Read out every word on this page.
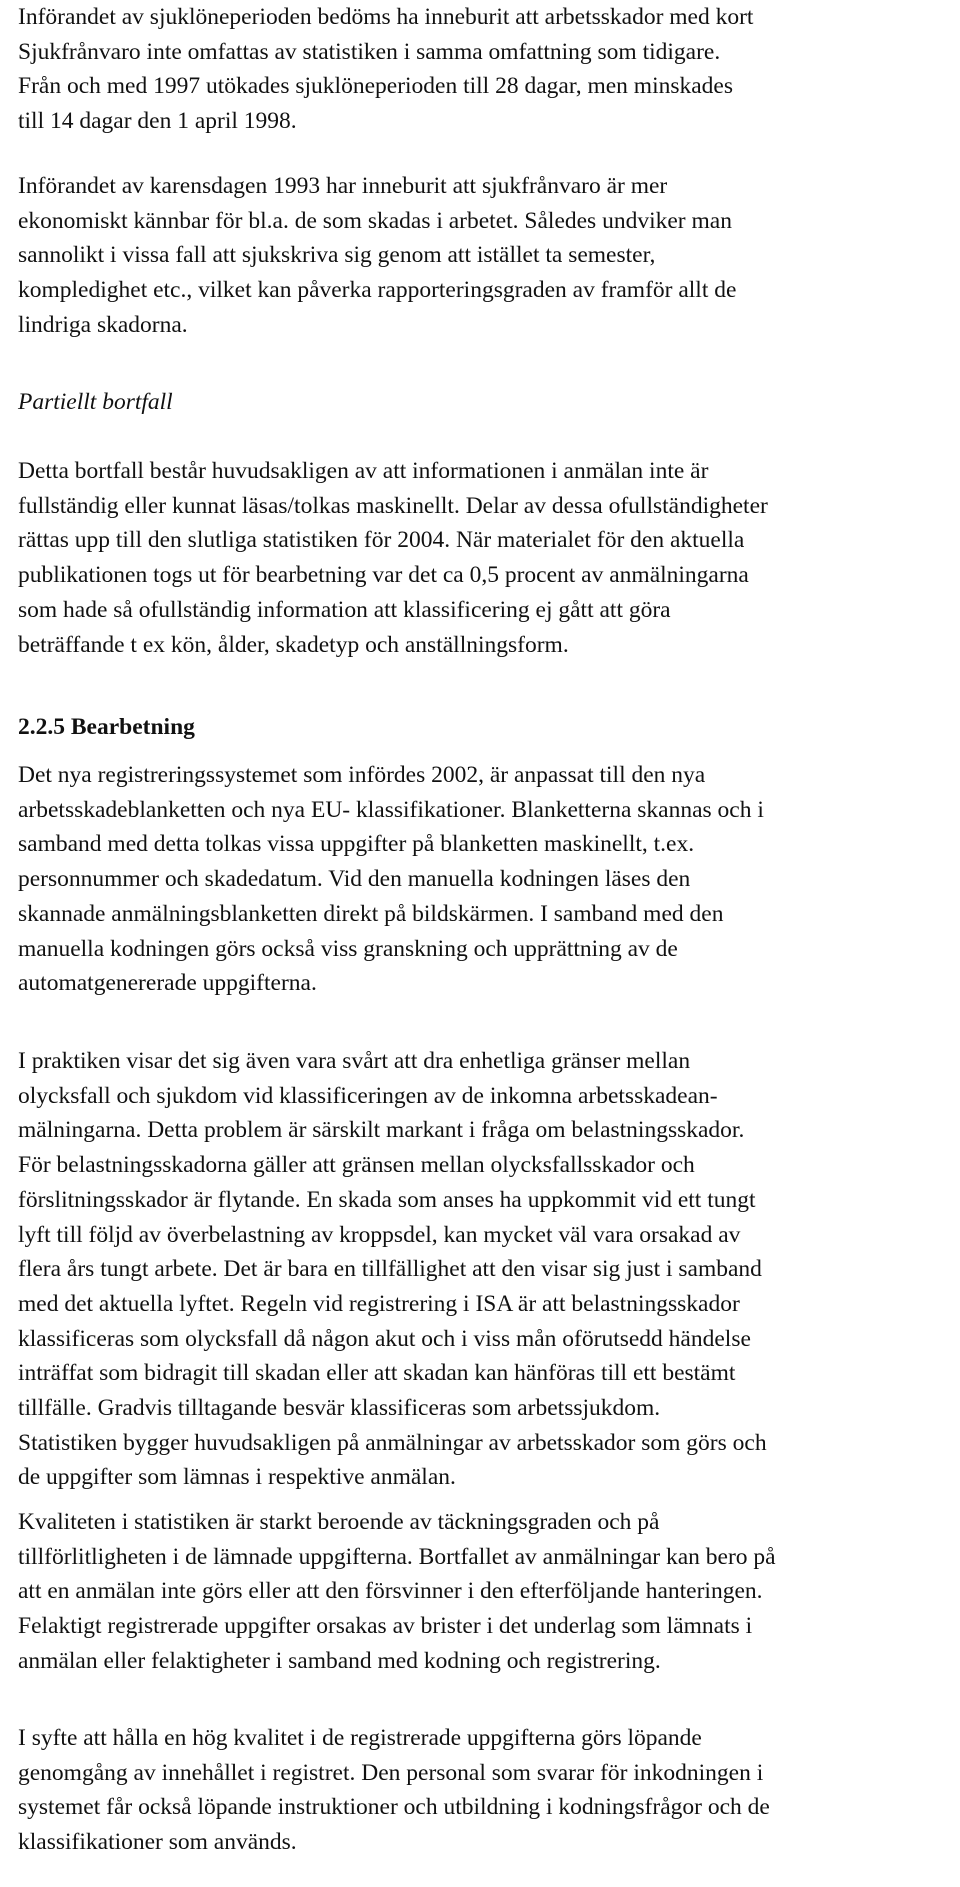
Införandet av sjuklöneperioden bedöms ha inneburit att arbetsskador med kort
Sjukfrånvaro inte omfattas av statistiken i samma omfattning som tidigare.
Från och med 1997 utökades sjuklöneperioden till 28 dagar, men minskades
till 14 dagar den 1 april 1998.
Införandet av karensdagen 1993 har inneburit att sjukfrånvaro är mer
ekonomiskt kännbar för bl.a. de som skadas i arbetet. Således undviker man
sannolikt i vissa fall att sjukskriva sig genom att istället ta semester,
kompledighet etc., vilket kan påverka rapporteringsgraden av framför allt de
lindriga skadorna.
Partiellt bortfall
Detta bortfall består huvudsakligen av att informationen i anmälan inte är
fullständig eller kunnat läsas/tolkas maskinellt. Delar av dessa ofullständigheter
rättas upp till den slutliga statistiken för 2004. När materialet för den aktuella
publikationen togs ut för bearbetning var det ca 0,5 procent av anmälningarna
som hade så ofullständig information att klassificering ej gått att göra
beträffande t ex kön, ålder, skadetyp och anställningsform.
2.2.5 Bearbetning
Det nya registreringssystemet som infördes 2002, är anpassat till den nya
arbetsskadeblanketten och nya EU- klassifikationer. Blanketterna skannas och i
samband med detta tolkas vissa uppgifter på blanketten maskinellt, t.ex.
personnummer och skadedatum. Vid den manuella kodningen läses den
skannade anmälningsblanketten direkt på bildskärmen. I samband med den
manuella kodningen görs också viss granskning och upprättning av de
automatgenererade uppgifterna.
I praktiken visar det sig även vara svårt att dra enhetliga gränser mellan
olycksfall och sjukdom vid klassificeringen av de inkomna arbetsskadean-
mälningarna. Detta problem är särskilt markant i fråga om belastningsskador.
För belastningsskadorna gäller att gränsen mellan olycksfallsskador och
förslitningsskador är flytande. En skada som anses ha uppkommit vid ett tungt
lyft till följd av överbelastning av kroppsdel, kan mycket väl vara orsakad av
flera års tungt arbete. Det är bara en tillfällighet att den visar sig just i samband
med det aktuella lyftet. Regeln vid registrering i ISA är att belastningsskador
klassificeras som olycksfall då någon akut och i viss mån oförutsedd händelse
inträffat som bidragit till skadan eller att skadan kan hänföras till ett bestämt
tillfälle. Gradvis tilltagande besvär klassificeras som arbetssjukdom.
Statistiken bygger huvudsakligen på anmälningar av arbetsskador som görs och
de uppgifter som lämnas i respektive anmälan.
Kvaliteten i statistiken är starkt beroende av täckningsgraden och på
tillförlitligheten i de lämnade uppgifterna. Bortfallet av anmälningar kan bero på
att en anmälan inte görs eller att den försvinner i den efterföljande hanteringen.
Felaktigt registrerade uppgifter orsakas av brister i det underlag som lämnats i
anmälan eller felaktigheter i samband med kodning och registrering.
I syfte att hålla en hög kvalitet i de registrerade uppgifterna görs löpande
genomgång av innehållet i registret. Den personal som svarar för inkodningen i
systemet får också löpande instruktioner och utbildning i kodningsfrågor och de
klassifikationer som används.
